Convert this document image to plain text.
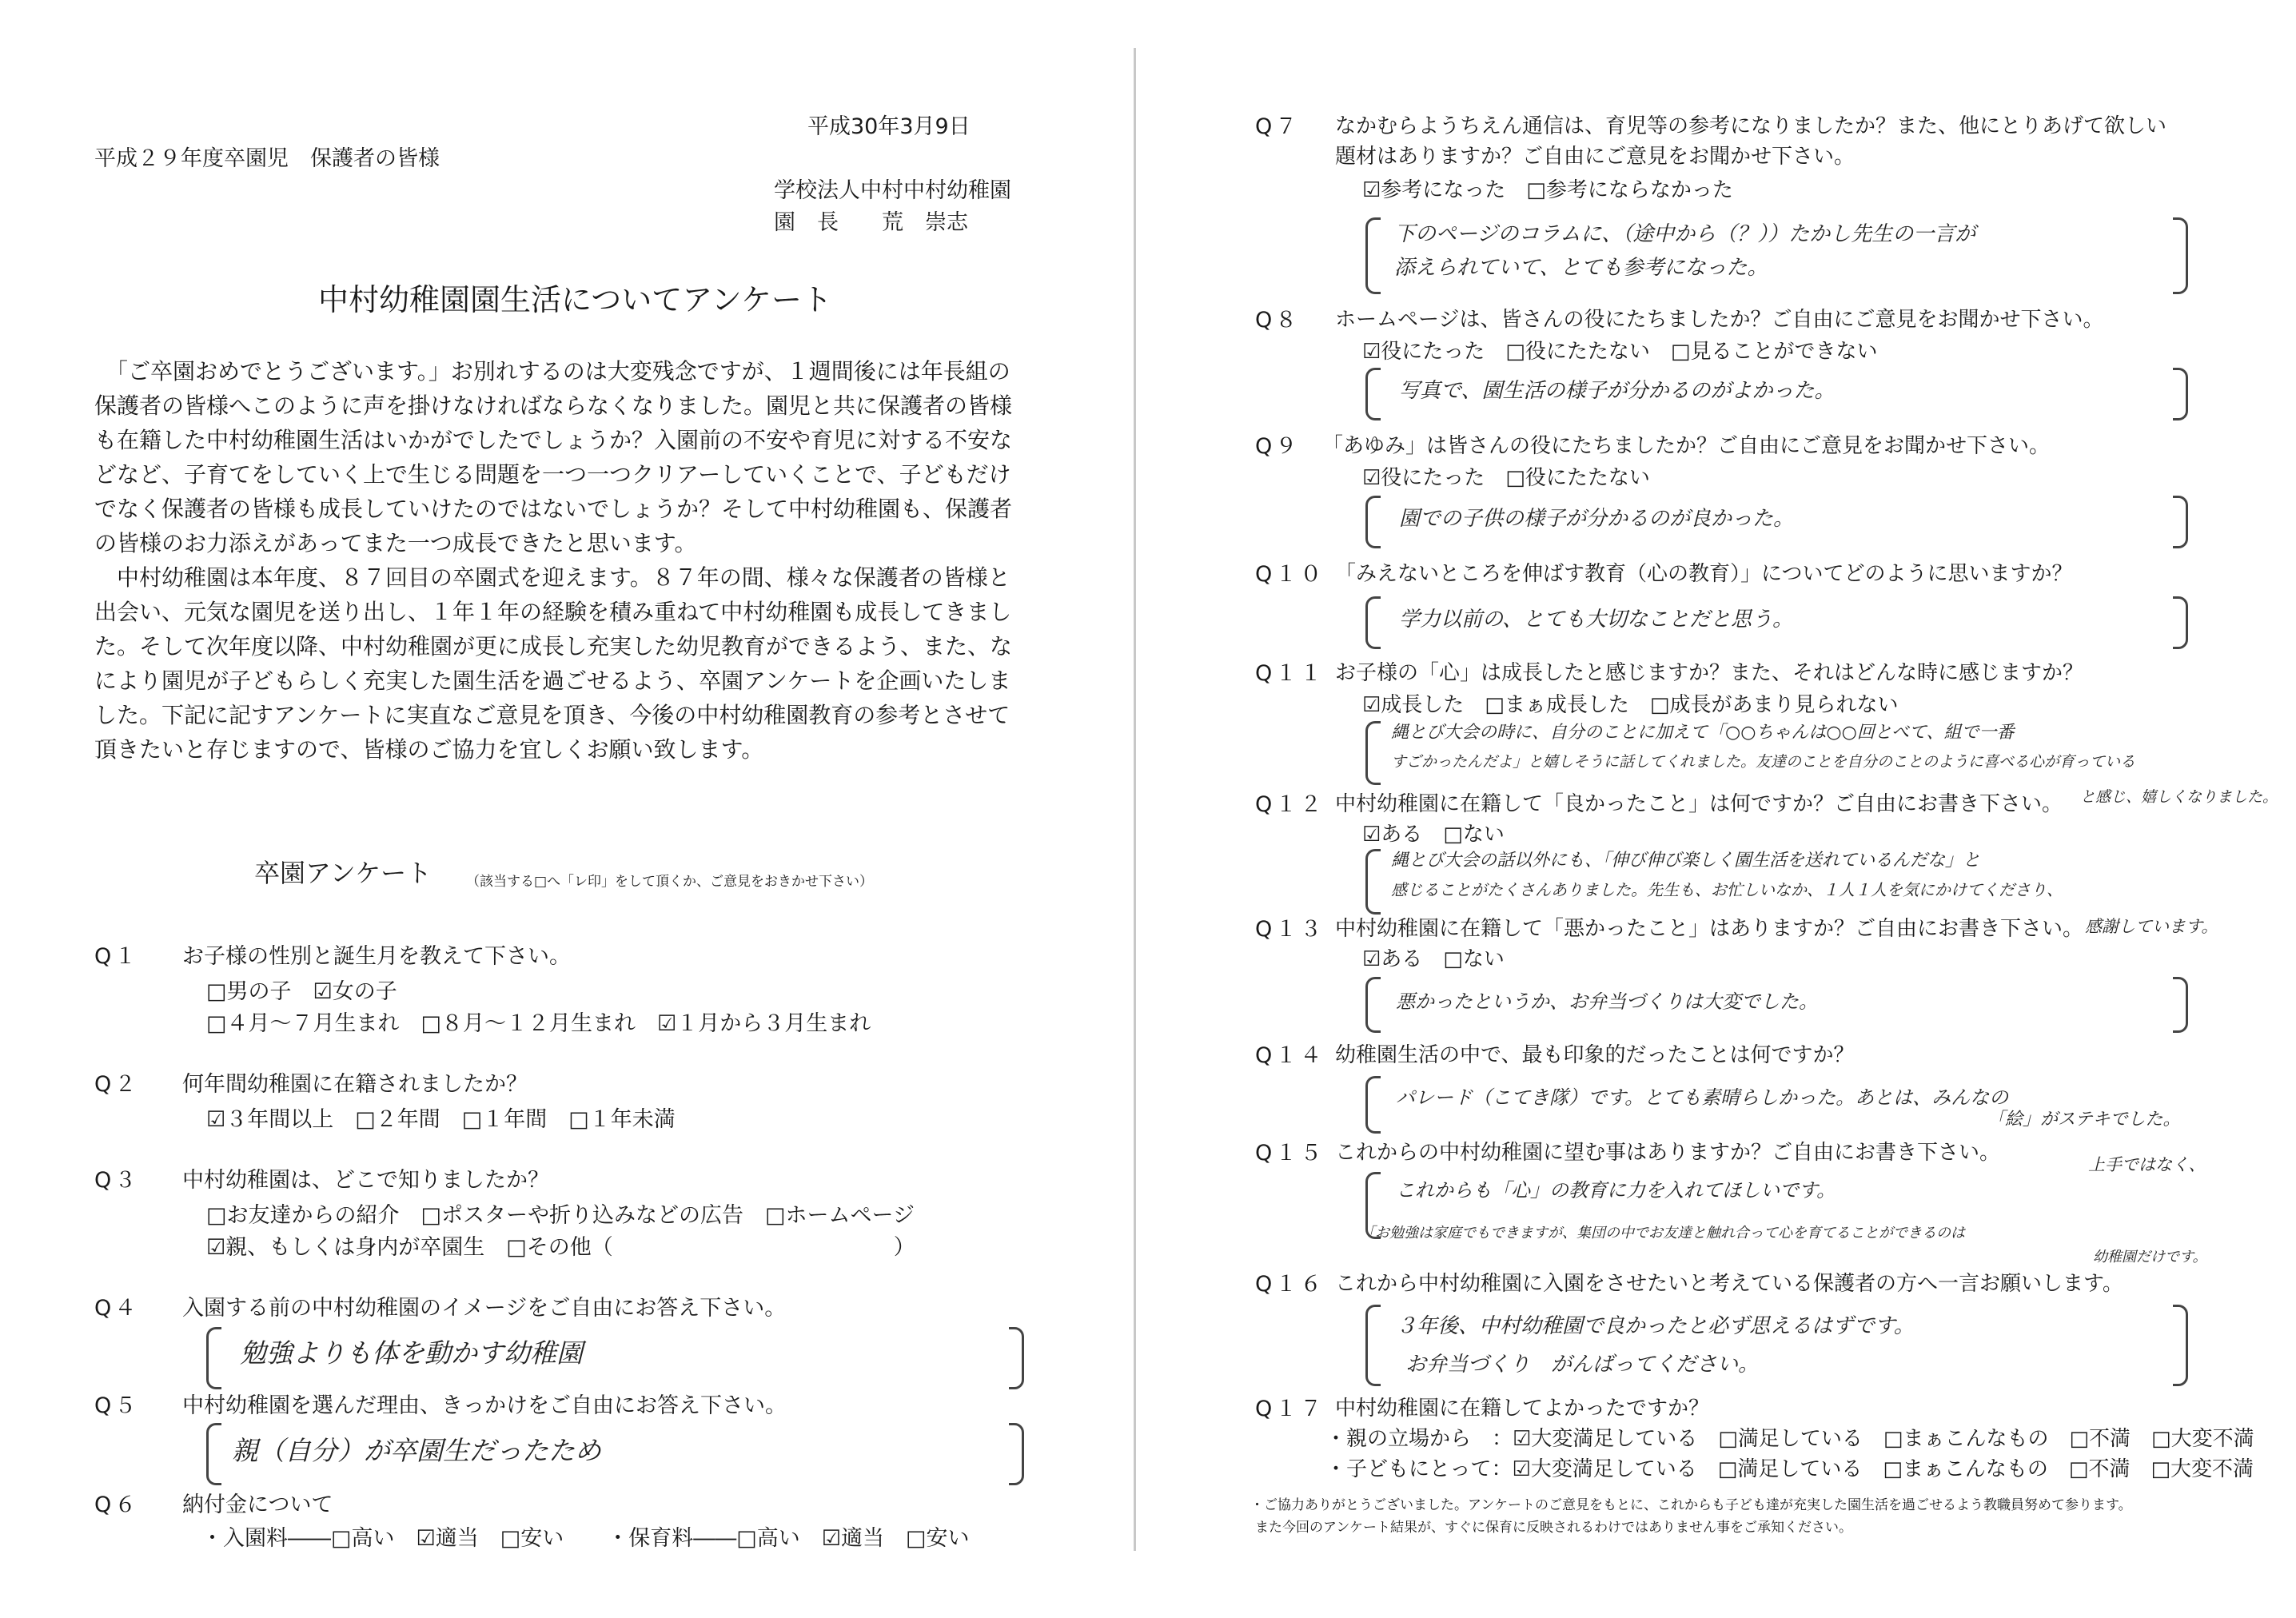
平成30年3月9日
平成２９年度卒園児　保護者の皆様
学校法人中村中村幼稚園
園　長　　荒　崇志
中村幼稚園園生活についてアンケート

「ご卒園おめでとうございます。」お別れするのは大変残念ですが、１週間後には年長組の保護者の皆様へこのように声を掛けなければならなくなりました。園児と共に保護者の皆様も在籍した中村幼稚園生活はいかがでしたでしょうか？入園前の不安や育児に対する不安などなど、子育てをしていく上で生じる問題を一つ一つクリアーしていくことで、子どもだけでなく保護者の皆様も成長していけたのではないでしょうか？そして中村幼稚園も、保護者の皆様のお力添えがあってまた一つ成長できたと思います。

中村幼稚園は本年度、８７回目の卒園式を迎えます。８７年の間、様々な保護者の皆様と出会い、元気な園児を送り出し、１年１年の経験を積み重ねて中村幼稚園も成長してきました。そして次年度以降、中村幼稚園が更に成長し充実した幼児教育ができるよう、また、なにより園児が子どもらしく充実した園生活を過ごせるよう、卒園アンケートを企画いたしました。下記に記すアンケートに実直なご意見を頂き、今後の中村幼稚園教育の参考とさせて頂きたいと存じますので、皆様のご協力を宜しくお願い致します。

卒園アンケート	（該当する□へ「レ印」をして頂くか、ご意見をおきかせ下さい）
Q１ お子様の性別と誕生月を教えて下さい。
□男の子　☑女の子
□４月～７月生まれ　□８月～１２月生まれ　☑１月から３月生まれ
Q２ 何年間幼稚園に在籍されましたか？
☑３年間以上　□２年間　□１年間　□１年未満
Q３ 中村幼稚園は、どこで知りましたか？
□お友達からの紹介　□ポスターや折り込みなどの広告　□ホームページ
☑親、もしくは身内が卒園生　□その他（　　　　　　　　　　　　　）
Q４ 入園する前の中村幼稚園のイメージをご自由にお答え下さい。
勉強よりも体を動かす幼稚園
Q５ 中村幼稚園を選んだ理由、きっかけをご自由にお答え下さい。
親（自分）が卒園生だったため
Q６ 納付金について
・入園料――□高い　☑適当　□安い　　・保育料――□高い　☑適当　□安い
Q７ なかむらようちえん通信は、育児等の参考になりましたか？また、他にとりあげて欲しい
題材はありますか？ご自由にご意見をお聞かせ下さい。
☑参考になった　□参考にならなかった
下のページのコラムに、（途中から（？））たかし先生の一言が
添えられていて、とても参考になった。
Q８ ホームページは、皆さんの役にたちましたか？ご自由にご意見をお聞かせ下さい。
☑役にたった　□役にたたない　□見ることができない
写真で、園生活の様子が分かるのがよかった。
Q９ 「あゆみ」は皆さんの役にたちましたか？ご自由にご意見をお聞かせ下さい。
☑役にたった　□役にたたない
園での子供の様子が分かるのが良かった。
Q１０ 「みえないところを伸ばす教育（心の教育）」についてどのように思いますか？
学力以前の、とても大切なことだと思う。
Q１１ お子様の「心」は成長したと感じますか？また、それはどんな時に感じますか？
☑成長した　□まぁ成長した　□成長があまり見られない
縄とび大会の時に、自分のことに加えて「○○ちゃんは○○回とべて、組で一番
すごかったんだよ」と嬉しそうに話してくれました。友達のことを自分のことのように喜べる心が育っている
と感じ、嬉しくなりました。
Q１２ 中村幼稚園に在籍して「良かったこと」は何ですか？ご自由にお書き下さい。
☑ある　□ない
縄とび大会の話以外にも、「伸び伸び楽しく園生活を送れているんだな」と
感じることがたくさんありました。先生も、お忙しいなか、１人１人を気にかけてくださり、
感謝しています。
Q１３ 中村幼稚園に在籍して「悪かったこと」はありますか？ご自由にお書き下さい。
☑ある　□ない
悪かったというか、お弁当づくりは大変でした。
Q１４ 幼稚園生活の中で、最も印象的だったことは何ですか？
パレード（こてき隊）です。とても素晴らしかった。あとは、みんなの
「絵」がステキでした。
Q１５ これからの中村幼稚園に望む事はありますか？ご自由にお書き下さい。	上手ではなく、
これからも「心」の教育に力を入れてほしいです。
「お勉強は家庭でもできますが、集団の中でお友達と触れ合って心を育てることができるのは
幼稚園だけです。
Q１６ これから中村幼稚園に入園をさせたいと考えている保護者の方へ一言お願いします。
３年後、中村幼稚園で良かったと必ず思えるはずです。
お弁当づくり　がんばってください。
Q１７ 中村幼稚園に在籍してよかったですか？
・親の立場から　：☑大変満足している　□満足している　□まぁこんなもの　□不満　□大変不満
・子どもにとって：☑大変満足している　□満足している　□まぁこんなもの　□不満　□大変不満
・ご協力ありがとうございました。アンケートのご意見をもとに、これからも子ども達が充実した園生活を過ごせるよう教職員努めて参ります。
また今回のアンケート結果が、すぐに保育に反映されるわけではありません事をご承知ください。
